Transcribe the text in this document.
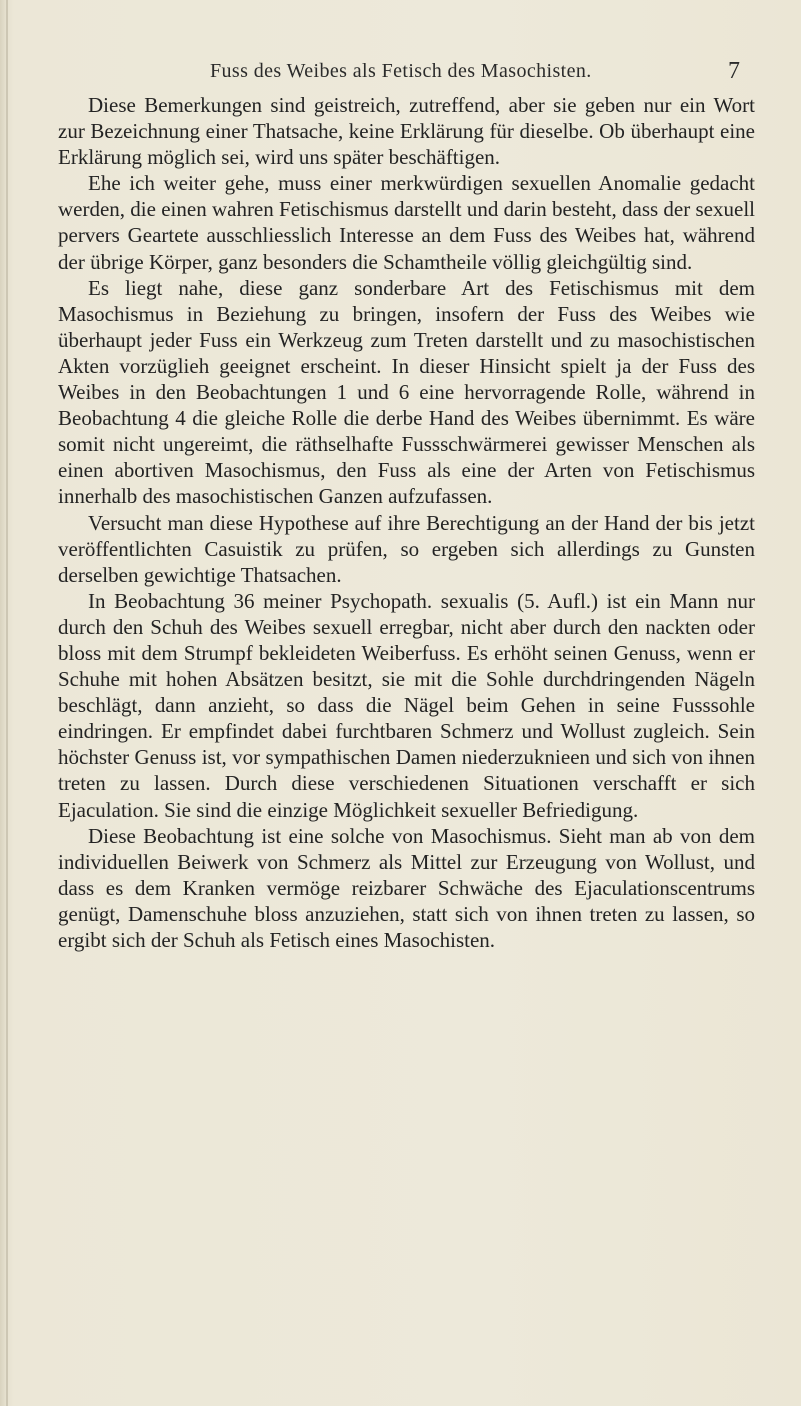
Fuss des Weibes als Fetisch des Masochisten.	7

Diese Bemerkungen sind geistreich, zutreffend, aber sie geben nur ein Wort zur Bezeichnung einer Thatsache, keine Erklärung für dieselbe. Ob überhaupt eine Erklärung möglich sei, wird uns später beschäftigen.

Ehe ich weiter gehe, muss einer merkwürdigen sexuellen Anomalie gedacht werden, die einen wahren Fetischismus darstellt und darin besteht, dass der sexuell pervers Geartete ausschliesslich Interesse an dem Fuss des Weibes hat, während der übrige Körper, ganz besonders die Schamtheile völlig gleichgültig sind.

Es liegt nahe, diese ganz sonderbare Art des Fetischismus mit dem Masochismus in Beziehung zu bringen, insofern der Fuss des Weibes wie überhaupt jeder Fuss ein Werkzeug zum Treten darstellt und zu masochistischen Akten vorzüglieh geeignet erscheint. In dieser Hinsicht spielt ja der Fuss des Weibes in den Beobachtungen 1 und 6 eine hervorragende Rolle, während in Beobachtung 4 die gleiche Rolle die derbe Hand des Weibes übernimmt. Es wäre somit nicht ungereimt, die räthselhafte Fussschwärmerei gewisser Menschen als einen abortiven Masochismus, den Fuss als eine der Arten von Fetischismus innerhalb des masochistischen Ganzen aufzufassen.

Versucht man diese Hypothese auf ihre Berechtigung an der Hand der bis jetzt veröffentlichten Casuistik zu prüfen, so ergeben sich allerdings zu Gunsten derselben gewichtige Thatsachen.

In Beobachtung 36 meiner Psychopath. sexualis (5. Aufl.) ist ein Mann nur durch den Schuh des Weibes sexuell erregbar, nicht aber durch den nackten oder bloss mit dem Strumpf bekleideten Weiberfuss. Es erhöht seinen Genuss, wenn er Schuhe mit hohen Absätzen besitzt, sie mit die Sohle durchdringenden Nägeln beschlägt, dann anzieht, so dass die Nägel beim Gehen in seine Fusssohle eindringen. Er empfindet dabei furchtbaren Schmerz und Wollust zugleich. Sein höchster Genuss ist, vor sympathischen Damen niederzuknieen und sich von ihnen treten zu lassen. Durch diese verschiedenen Situationen verschafft er sich Ejaculation. Sie sind die einzige Möglichkeit sexueller Befriedigung.

Diese Beobachtung ist eine solche von Masochismus. Sieht man ab von dem individuellen Beiwerk von Schmerz als Mittel zur Erzeugung von Wollust, und dass es dem Kranken vermöge reizbarer Schwäche des Ejaculationscentrums genügt, Damenschuhe bloss anzuziehen, statt sich von ihnen treten zu lassen, so ergibt sich der Schuh als Fetisch eines Masochisten.
